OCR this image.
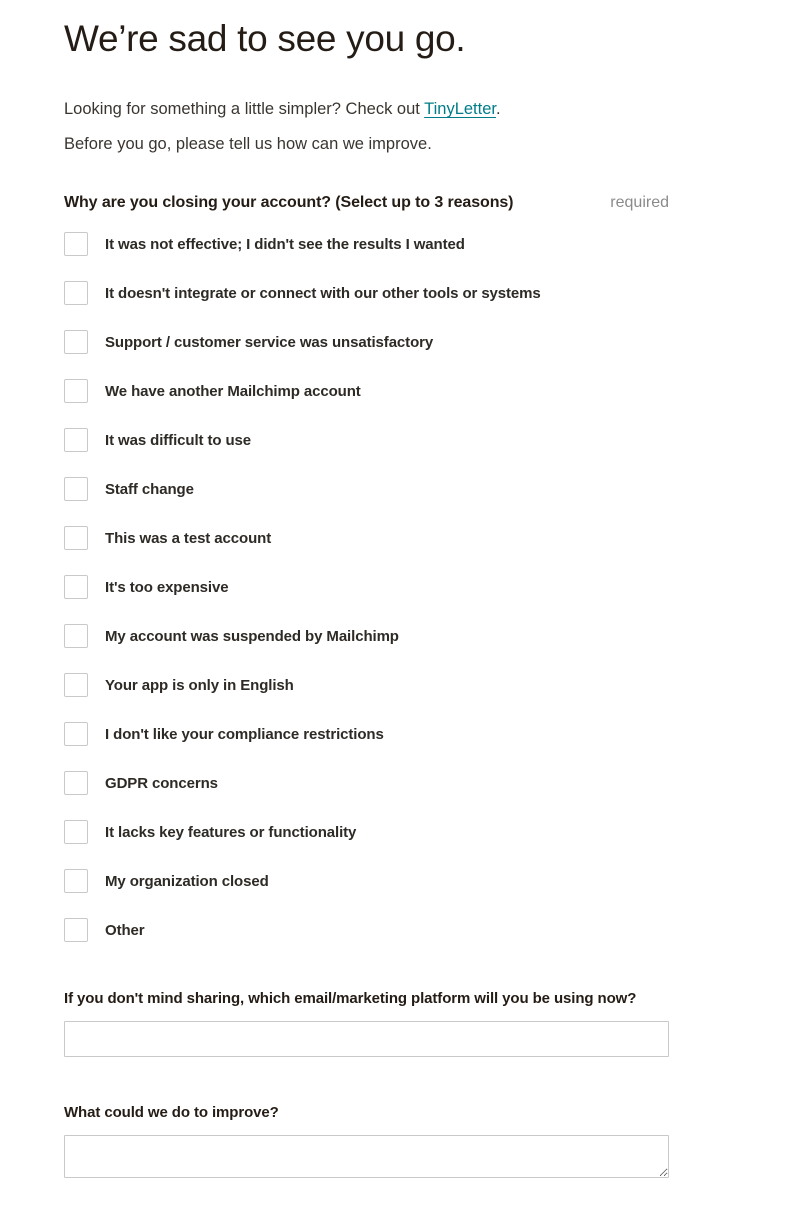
We’re sad to see you go.

Looking for something a little simpler? Check out TinyLetter.

Before you go, please tell us how can we improve.

Why are you closing your account? (Select up to 3 reasons)	required
It was not effective; I didn't see the results I wanted
It doesn't integrate or connect with our other tools or systems
Support / customer service was unsatisfactory
We have another Mailchimp account
It was difficult to use
Staff change
This was a test account
It's too expensive
My account was suspended by Mailchimp
Your app is only in English
I don't like your compliance restrictions
GDPR concerns
It lacks key features or functionality
My organization closed
Other
If you don't mind sharing, which email/marketing platform will you be using now?
What could we do to improve?
